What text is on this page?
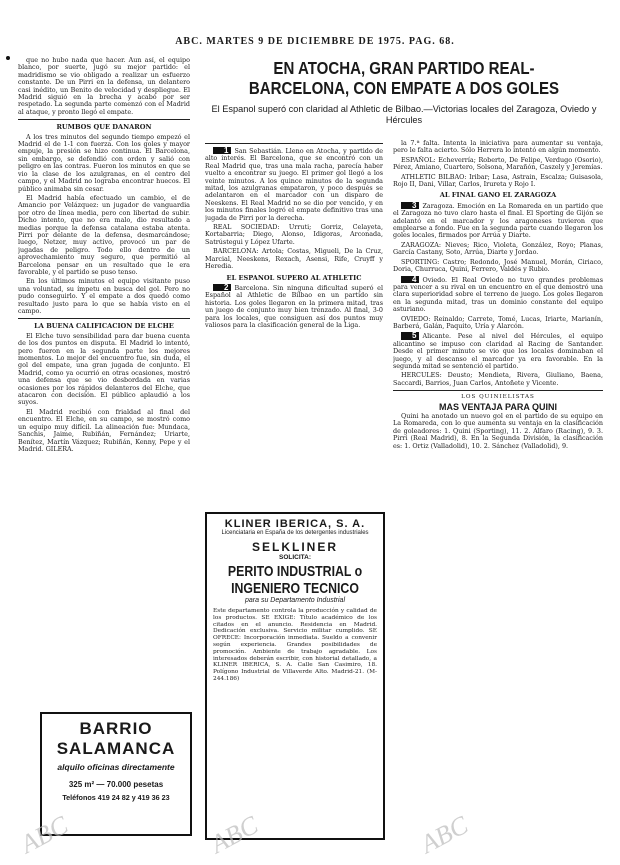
ABC. MARTES 9 DE DICIEMBRE DE 1975. PAG. 68.

que no hubo nada que hacer. Aun así, el equipo blanco, por suerte, jugó su mejor partido: el madridismo se vio obligado a realizar un esfuerzo constante. De un Pirri en la defensa, un delantero casi inédito, un Benito de velocidad y despliegue. El Madrid siguió en la brecha y acabó por ser respetado. La segunda parte comenzó con el Madrid al ataque, y pronto llegó el empate.

RUMBOS QUE DANARON

A los tres minutos del segundo tiempo empezó el Madrid el de 1-1 con fuerza. Con los goles y mayor empuje, la presión se hizo continua. El Barcelona, sin embargo, se defendió con orden y salió con peligro en las contras. Fueron los minutos en que se vio la clase de los azulgranas, en el centro del campo, y el Madrid no lograba encontrar huecos. El público animaba sin cesar.

El Madrid había efectuado un cambio, el de Amancio por Velázquez: un jugador de vanguardia por otro de línea media, pero con libertad de subir. Dicho intento, que no era malo, dio resultado a medias porque la defensa catalana estaba atenta. Pirri por delante de la defensa, desmarcándose; luego, Netzer, muy activo, provocó un par de jugadas de peligro. Todo ello dentro de un aprovechamiento muy seguro, que permitió al Barcelona pensar en un resultado que le era favorable, y el partido se puso tenso.

En los últimos minutos el equipo visitante puso una voluntad, su ímpetu en busca del gol. Pero no pudo conseguirlo. Y el empate a dos quedó como resultado justo para lo que se había visto en el campo.

LA BUENA CALIFICACION DE ELCHE

El Elche tuvo sensibilidad para dar buena cuenta de los dos puntos en disputa. El Madrid lo intentó, pero fueron en la segunda parte los mejores momentos. Lo mejor del encuentro fue, sin duda, el gol del empate, una gran jugada de conjunto. El Madrid, como ya ocurrió en otras ocasiones, mostró una defensa que se vio desbordada en varias ocasiones por los rápidos delanteros del Elche, que atacaron con decisión. El público aplaudió a los suyos.

El Madrid recibió con frialdad al final del encuentro. El Elche, en su campo, se mostró como un equipo muy difícil. La alineación fue: Mundaca, Sanchis, Jaime, Rubiñán, Fernández; Uriarte, Benítez, Martín Vázquez; Rubiñán, Kenny, Pepe y el Madrid. GILERA.

EN ATOCHA, GRAN PARTIDO REAL-BARCELONA, CON EMPATE A DOS GOLES
El Espanol superó con claridad al Athletic de Bilbao.—Victorias locales del Zaragoza, Oviedo y Hércules

1 San Sebastián. Lleno en Atocha, y partido de alto interés. El Barcelona, que se encontró con un Real Madrid que, tras una mala racha, parecía haber vuelto a encontrar su juego. El primer gol llegó a los veinte minutos. A los quince minutos de la segunda mitad, los azulgranas empataron, y poco después se adelantaron en el marcador con un disparo de Neeskens. El Real Madrid no se dio por vencido, y en los minutos finales logró el empate definitivo tras una jugada de Pirri por la derecha.

REAL SOCIEDAD: Urruti; Gorriz, Celayeta, Kortabarria; Diego, Alonso, Idigoras, Arconada, Satrústegui y López Ufarte.

BARCELONA: Artola; Costas, Migueli, De la Cruz, Marcial, Neeskens, Rexach, Asensi, Rife, Cruyff y Heredia.

EL ESPANOL SUPERO AL ATHLETIC

2 Barcelona. Sin ninguna dificultad superó el Español al Athletic de Bilbao en un partido sin historia. Los goles llegaron en la primera mitad, tras un juego de conjunto muy bien trenzado. Al final, 3-0 para los locales, que consiguen así dos puntos muy valiosos para la clasificación general de la Liga.

KLINER IBERICA, S. A.
Licenciataria en España de los detergentes industriales
SELKLINER
SOLICITA:
PERITO INDUSTRIAL o INGENIERO TECNICO
para su Departamento Industrial
Este departamento controla la producción y calidad de los productos. SE EXIGE: Título académico de los citados en el anuncio. Residencia en Madrid. Dedicación exclusiva. Servicio militar cumplido. SE OFRECE: Incorporación inmediata. Sueldo a convenir según experiencia. Grandes posibilidades de promoción. Ambiente de trabajo agradable. Los interesados deberán escribir, con historial detallado, a KLINER IBERICA, S. A. Calle San Casimiro, 18. Polígono Industrial de Villaverde Alto. Madrid-21. (M-244.186)
BARRIO
SALAMANCA
alquilo oficinas directamente
325 m² — 70.000 pesetas
Teléfonos 419 24 82 y 419 36 23

la 7.ª falta. Intenta la iniciativa para aumentar su ventaja, pero le falta acierto. Sólo Herrera lo intentó en algún momento.

ESPAÑOL: Echeverría; Roberto, De Felipe, Verdugo (Osorio), Pérez, Amiano, Cuartero, Solsona, Marañón, Caszely y Jeremías.

ATHLETIC BILBAO: Iribar; Lasa, Astrain, Escalza; Guisasola, Rojo II, Dani, Villar, Carlos, Irureta y Rojo I.

AL FINAL GANO EL ZARAGOZA

3 Zaragoza. Emoción en La Romareda en un partido que el Zaragoza no tuvo claro hasta el final. El Sporting de Gijón se adelantó en el marcador y los aragoneses tuvieron que emplearse a fondo. Fue en la segunda parte cuando llegaron los goles locales, firmados por Arrúa y Diarte.

ZARAGOZA: Nieves; Rico, Violeta, González, Royo; Planas, García Castany, Soto, Arrúa, Diarte y Jordao.

SPORTING: Castro; Redondo, José Manuel, Morán, Ciriaco, Doria, Churruca, Quini, Ferrero, Valdés y Rubio.

4 Oviedo. El Real Oviedo no tuvo grandes problemas para vencer a su rival en un encuentro en el que demostró una clara superioridad sobre el terreno de juego. Los goles llegaron en la segunda mitad, tras un dominio constante del equipo asturiano.

OVIEDO: Reinaldo; Carrete, Tomé, Lucas, Iriarte, Marianín, Barberá, Galán, Paquito, Uría y Alarcón.

5 Alicante. Pese al nivel del Hércules, el equipo alicantino se impuso con claridad al Racing de Santander. Desde el primer minuto se vio que los locales dominaban el juego, y al descanso el marcador ya era favorable. En la segunda mitad se sentenció el partido.

HERCULES: Deusto; Mendieta, Rivera, Giuliano, Baena, Saccardi, Barrios, Juan Carlos, Antoñete y Vicente.

LOS QUINIELISTAS
MAS VENTAJA PARA QUINI

Quini ha anotado un nuevo gol en el partido de su equipo en La Romareda, con lo que aumenta su ventaja en la clasificación de goleadores: 1. Quini (Sporting), 11. 2. Alfaro (Racing), 9. 3. Pirri (Real Madrid), 8. En la Segunda División, la clasificación es: 1. Ortiz (Valladolid), 10. 2. Sánchez (Valladolid), 9.

ABC	ABC	ABC
